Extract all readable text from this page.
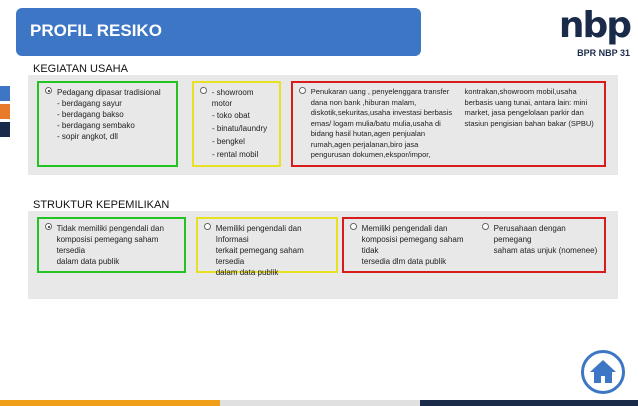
PROFIL RESIKO	nbp
BPR NBP 31
KEGIATAN USAHA
Pedagang dipasar tradisional
- berdagang sayur
- berdagang bakso
- berdagang sembako
- sopir angkot, dll
- showroom motor
- toko obat
- binatu/laundry
- bengkel
- rental mobil
Penukaran uang , penyelenggara transfer
dana non bank ,hiburan malam,
diskotik,sekuritas,usaha investasi berbasis
emas/ logam mulia/batu mulia,usaha di
bidang hasil hutan,agen penjualan
rumah,agen perjalanan,biro jasa
pengurusan dokumen,ekspor/impor,
kontrakan,showroom mobil,usaha
berbasis uang tunai, antara lain: mini
market, jasa pengelolaan parkir dan
stasiun pengisian bahan bakar (SPBU)
STRUKTUR KEPEMILIKAN
Tidak memiliki pengendali dan
komposisi pemegang saham tersedia
dalam data publik
Memiliki pengendali dan Informasi
terkait pemegang saham tersedia
dalam data publik
Memiliki pengendali dan
komposisi pemegang saham tidak
tersedia dlm data publik
Perusahaan dengan pemegang
saham atas unjuk (nomenee)
